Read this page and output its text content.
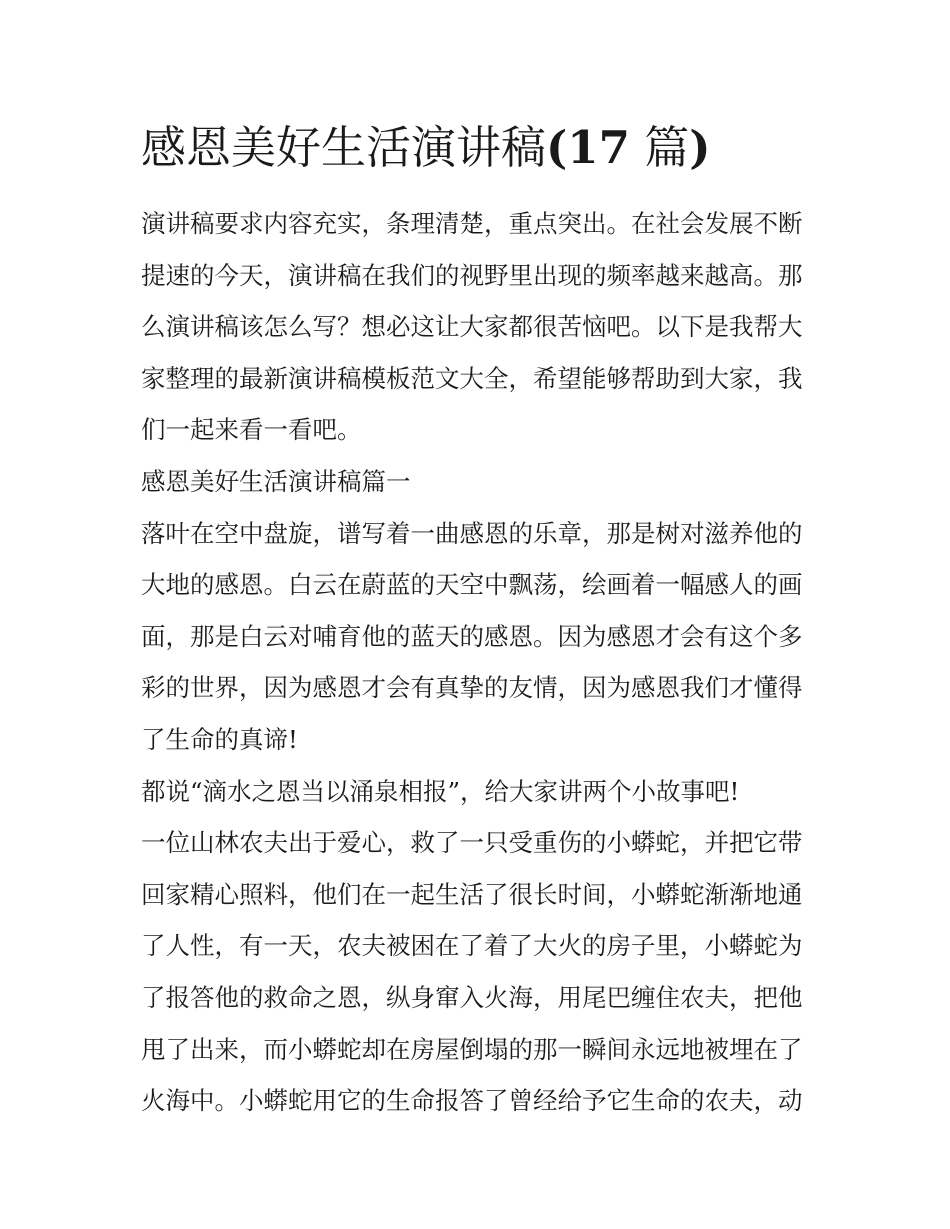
感恩美好生活演讲稿(17 篇)
演讲稿要求内容充实，条理清楚，重点突出。在社会发展不断
提速的今天，演讲稿在我们的视野里出现的频率越来越高。那
么演讲稿该怎么写？想必这让大家都很苦恼吧。以下是我帮大
家整理的最新演讲稿模板范文大全，希望能够帮助到大家，我
们一起来看一看吧。
感恩美好生活演讲稿篇一
落叶在空中盘旋，谱写着一曲感恩的乐章，那是树对滋养他的
大地的感恩。白云在蔚蓝的天空中飘荡，绘画着一幅感人的画
面，那是白云对哺育他的蓝天的感恩。因为感恩才会有这个多
彩的世界，因为感恩才会有真挚的友情，因为感恩我们才懂得
了生命的真谛!
都说“滴水之恩当以涌泉相报”，给大家讲两个小故事吧!
一位山林农夫出于爱心，救了一只受重伤的小蟒蛇，并把它带
回家精心照料，他们在一起生活了很长时间，小蟒蛇渐渐地通
了人性，有一天，农夫被困在了着了大火的房子里，小蟒蛇为
了报答他的救命之恩，纵身窜入火海，用尾巴缠住农夫，把他
甩了出来，而小蟒蛇却在房屋倒塌的那一瞬间永远地被埋在了
火海中。小蟒蛇用它的生命报答了曾经给予它生命的农夫，动
